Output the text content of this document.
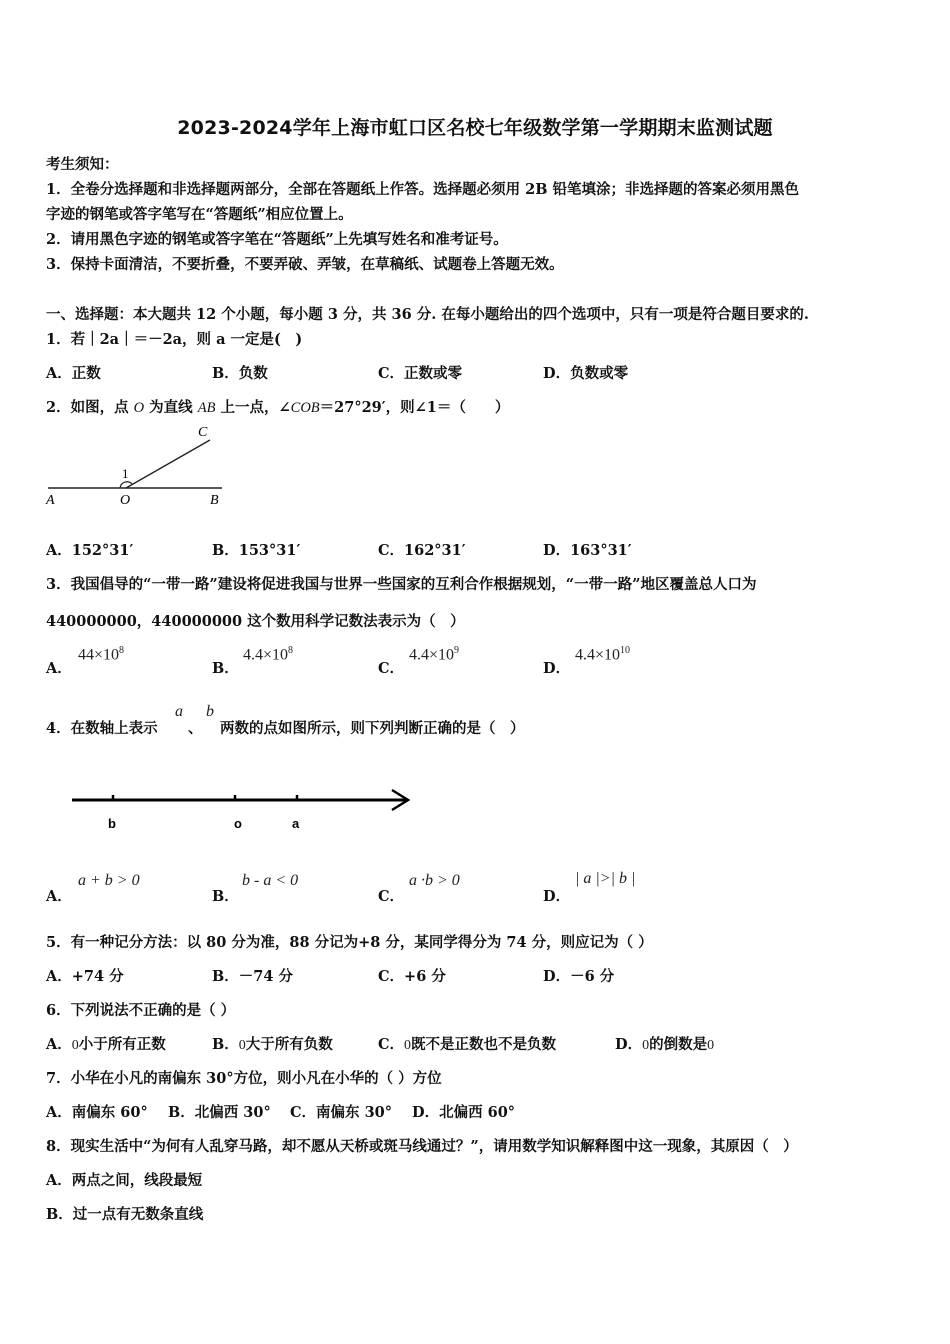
2023-2024学年上海市虹口区名校七年级数学第一学期期末监测试题
考生须知：
1．全卷分选择题和非选择题两部分，全部在答题纸上作答。选择题必须用 2B 铅笔填涂；非选择题的答案必须用黑色
字迹的钢笔或答字笔写在“答题纸”相应位置上。
2．请用黑色字迹的钢笔或答字笔在“答题纸”上先填写姓名和准考证号。
3．保持卡面清洁，不要折叠，不要弄破、弄皱，在草稿纸、试题卷上答题无效。
一、选择题：本大题共 12 个小题，每小题 3 分，共 36 分. 在每小题给出的四个选项中，只有一项是符合题目要求的.
1．若｜2a｜＝－2a，则 a 一定是(　)
A．正数	B．负数	C．正数或零	D．负数或零
2．如图，点 O 为直线 AB 上一点，∠COB＝27°29′，则∠1＝（　　）
A	O	B
C
1
A．152°31′	B．153°31′	C．162°31′	D．163°31′
3．我国倡导的“一带一路”建设将促进我国与世界一些国家的互利合作根据规划，“一带一路”地区覆盖总人口为
440000000，440000000 这个数用科学记数法表示为（　）
A．
$44\times 10^8$
B．
$4.4\times 10^8$
C．
$4.4\times 10^9$
D．
$4.4\times 10^{10}$
4．在数轴上表示
a
、
b
两数的点如图所示，则下列判断正确的是（　）
b	o	a
A．
a + b > 0
B．
b - a < 0
C．
a ·b > 0
D．
| a |>| b |
5．有一种记分方法：以 80 分为准，88 分记为+8 分，某同学得分为 74 分，则应记为（ ）
A．+74 分	B．－74 分	C．+6 分	D．－6 分
6．下列说法不正确的是（ ）
A．0小于所有正数	B．0大于所有负数	C．0既不是正数也不是负数	D．0的倒数是0
7．小华在小凡的南偏东 30°方位，则小凡在小华的（ ）方位
A．南偏东 60° B．北偏西 30° C．南偏东 30° D．北偏西 60°
8．现实生活中“为何有人乱穿马路，却不愿从天桥或斑马线通过？”，请用数学知识解释图中这一现象，其原因（　）
A．两点之间，线段最短
B．过一点有无数条直线
